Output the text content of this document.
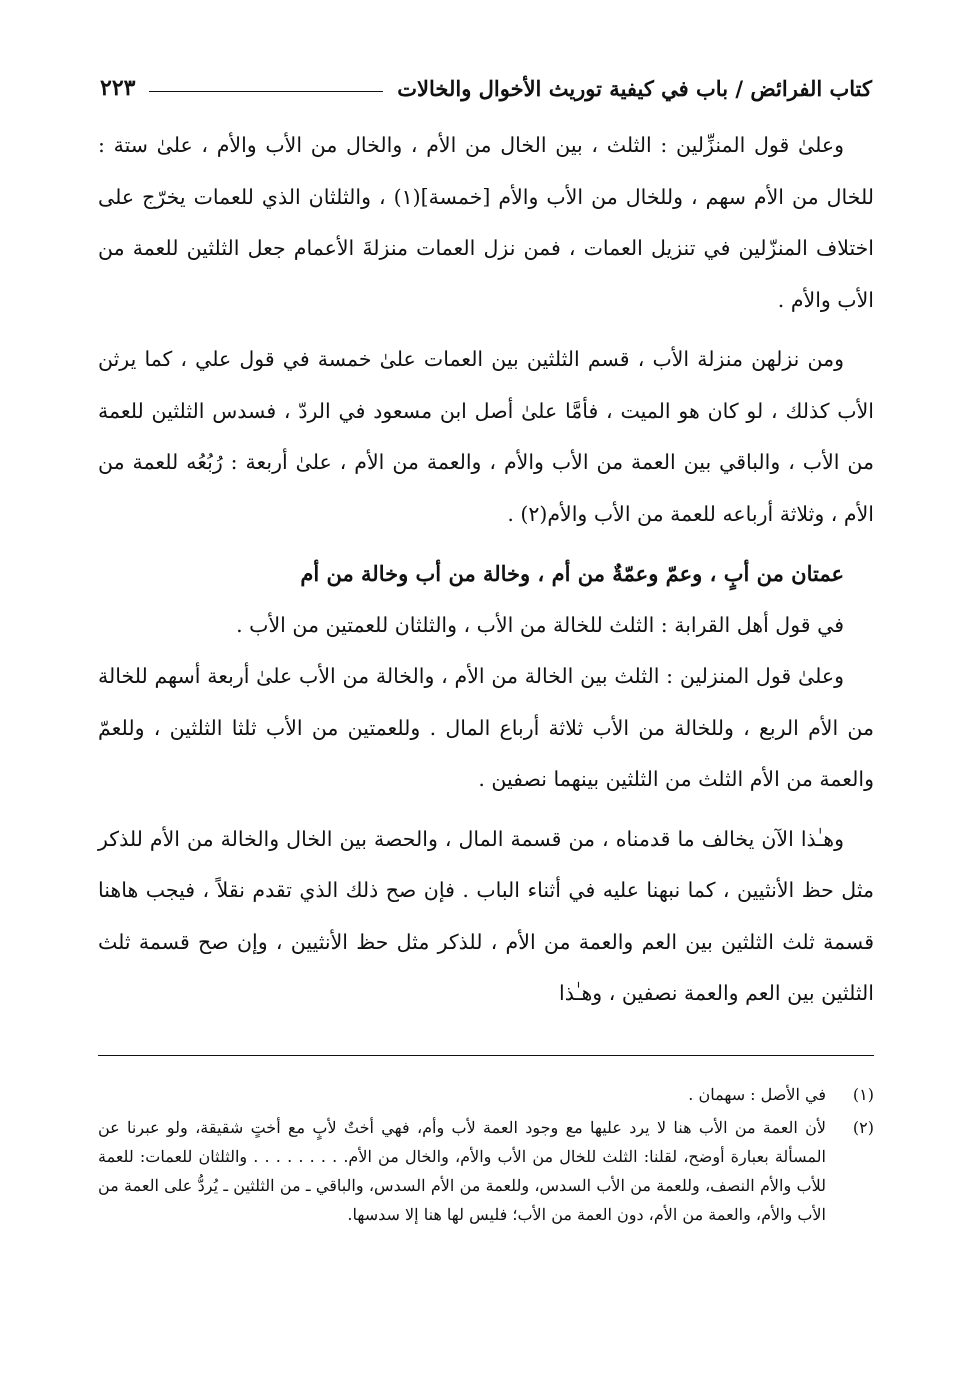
كتاب الفرائض / باب في كيفية توريث الأخوال والخالات
٢٢٣

وعلىٰ قول المنزِّلين : الثلث ، بين الخال من الأم ، والخال من الأب والأم ، علىٰ ستة : للخال من الأم سهم ، وللخال من الأب والأم [خمسة](١) ، والثلثان الذي للعمات يخرّج على اختلاف المنزّلين في تنزيل العمات ، فمن نزل العمات منزلةَ الأعمام جعل الثلثين للعمة من الأب والأم .

ومن نزلهن منزلة الأب ، قسم الثلثين بين العمات علىٰ خمسة في قول علي ، كما يرثن الأب كذلك ، لو كان هو الميت ، فأمَّا علىٰ أصل ابن مسعود في الردّ ، فسدس الثلثين للعمة من الأب ، والباقي بين العمة من الأب والأم ، والعمة من الأم ، علىٰ أربعة : رُبُعُه للعمة من الأم ، وثلاثة أرباعه للعمة من الأب والأم(٢) .

عمتان من أبٍ ، وعمّ وعمّةٌ من أم ، وخالة من أب وخالة من أم

في قول أهل القرابة : الثلث للخالة من الأب ، والثلثان للعمتين من الأب .

وعلىٰ قول المنزلين : الثلث بين الخالة من الأم ، والخالة من الأب علىٰ أربعة أسهم للخالة من الأم الربع ، وللخالة من الأب ثلاثة أرباع المال . وللعمتين من الأب ثلثا الثلثين ، وللعمّ والعمة من الأم الثلث من الثلثين بينهما نصفين .

وهـٰذا الآن يخالف ما قدمناه ، من قسمة المال ، والحصة بين الخال والخالة من الأم للذكر مثل حظ الأنثيين ، كما نبهنا عليه في أثناء الباب . فإن صح ذلك الذي تقدم نقلاً ، فيجب هاهنا قسمة ثلث الثلثين بين العم والعمة من الأم ، للذكر مثل حظ الأنثيين ، وإن صح قسمة ثلث الثلثين بين العم والعمة نصفين ، وهـٰذا

(١)
في الأصل : سهمان .
(٢)
لأن العمة من الأب هنا لا يرد عليها مع وجود العمة لأب وأم، فهي أختٌ لأبٍ مع أختٍ شقيقة، ولو عبرنا عن المسألة بعبارة أوضح، لقلنا: الثلث للخال من الأب والأم، والخال من الأم. . . . . . . . . والثلثان للعمات: للعمة للأب والأم النصف، وللعمة من الأب السدس، وللعمة من الأم السدس، والباقي ـ من الثلثين ـ يُردُّ على العمة من الأب والأم، والعمة من الأم، دون العمة من الأب؛ فليس لها هنا إلا سدسها.
